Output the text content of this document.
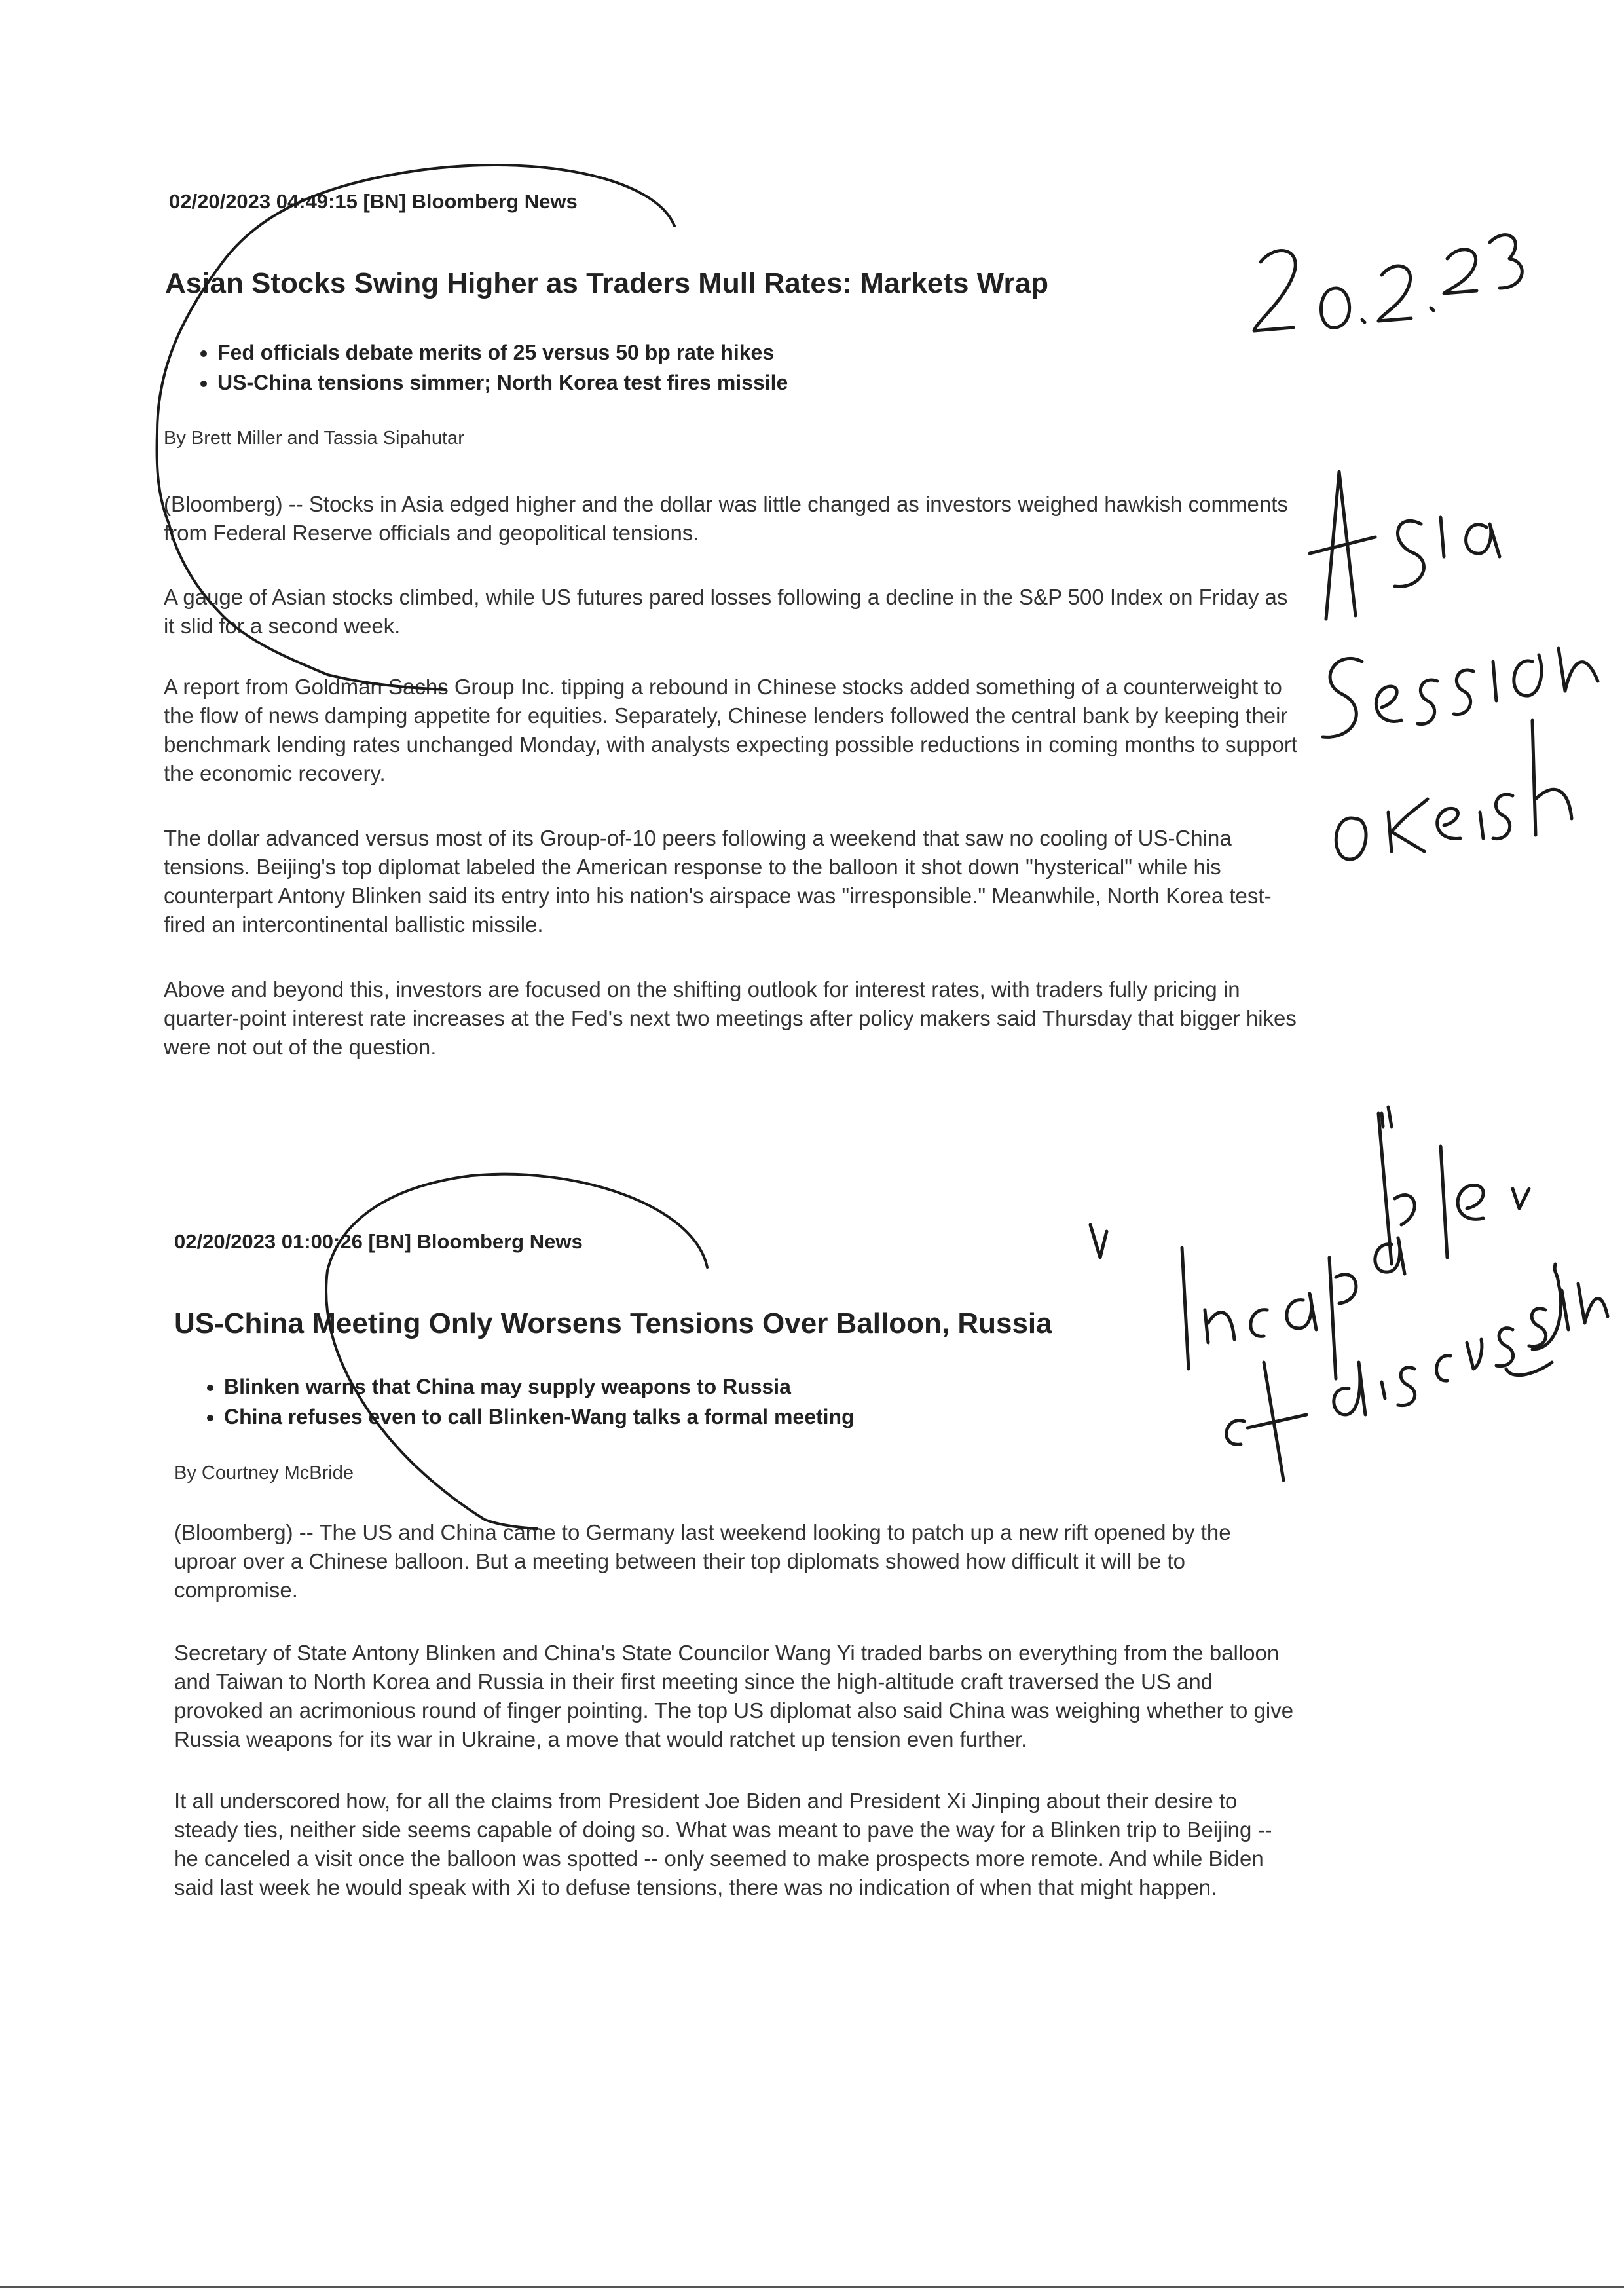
02/20/2023 04:49:15 [BN] Bloomberg News
Asian Stocks Swing Higher as Traders Mull Rates: Markets Wrap
• Fed officials debate merits of 25 versus 50 bp rate hikes
• US-China tensions simmer; North Korea test fires missile
By Brett Miller and Tassia Sipahutar

(Bloomberg) -- Stocks in Asia edged higher and the dollar was little changed as investors weighed hawkish comments from Federal Reserve officials and geopolitical tensions.

A gauge of Asian stocks climbed, while US futures pared losses following a decline in the S&P 500 Index on Friday as it slid for a second week.

A report from Goldman Sachs Group Inc. tipping a rebound in Chinese stocks added something of a counterweight to the flow of news damping appetite for equities. Separately, Chinese lenders followed the central bank by keeping their benchmark lending rates unchanged Monday, with analysts expecting possible reductions in coming months to support the economic recovery.

The dollar advanced versus most of its Group-of-10 peers following a weekend that saw no cooling of US-China tensions. Beijing's top diplomat labeled the American response to the balloon it shot down "hysterical" while his counterpart Antony Blinken said its entry into his nation's airspace was "irresponsible." Meanwhile, North Korea test-fired an intercontinental ballistic missile.

Above and beyond this, investors are focused on the shifting outlook for interest rates, with traders fully pricing in quarter-point interest rate increases at the Fed's next two meetings after policy makers said Thursday that bigger hikes were not out of the question.

02/20/2023 01:00:26 [BN] Bloomberg News
US-China Meeting Only Worsens Tensions Over Balloon, Russia
• Blinken warns that China may supply weapons to Russia
• China refuses even to call Blinken-Wang talks a formal meeting
By Courtney McBride

(Bloomberg) -- The US and China came to Germany last weekend looking to patch up a new rift opened by the uproar over a Chinese balloon. But a meeting between their top diplomats showed how difficult it will be to compromise.

Secretary of State Antony Blinken and China's State Councilor Wang Yi traded barbs on everything from the balloon and Taiwan to North Korea and Russia in their first meeting since the high-altitude craft traversed the US and provoked an acrimonious round of finger pointing. The top US diplomat also said China was weighing whether to give Russia weapons for its war in Ukraine, a move that would ratchet up tension even further.

It all underscored how, for all the claims from President Joe Biden and President Xi Jinping about their desire to steady ties, neither side seems capable of doing so. What was meant to pave the way for a Blinken trip to Beijing -- he canceled a visit once the balloon was spotted -- only seemed to make prospects more remote. And while Biden said last week he would speak with Xi to defuse tensions, there was no indication of when that might happen.
